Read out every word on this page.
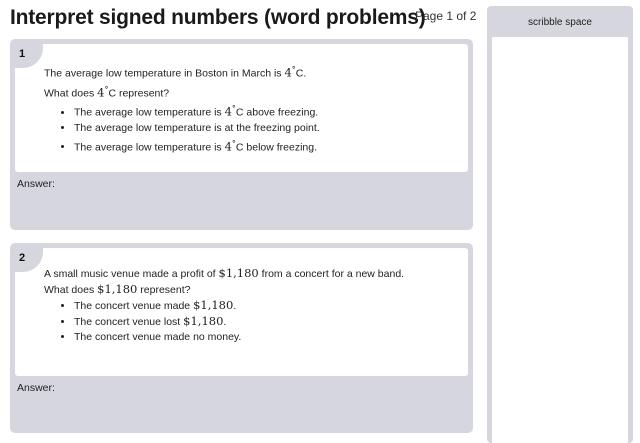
Interpret signed numbers (word problems)
Page 1 of 2	scribble space
1

The average low temperature in Boston in March is 4°C.

What does 4°C represent?

• The average low temperature is 4°C above freezing.
• The average low temperature is at the freezing point.
• The average low temperature is 4°C below freezing.
Answer:
2

A small music venue made a profit of $1,180 from a concert for a new band.

What does $1,180 represent?

• The concert venue made $1,180.
• The concert venue lost $1,180.
• The concert venue made no money.
Answer:
